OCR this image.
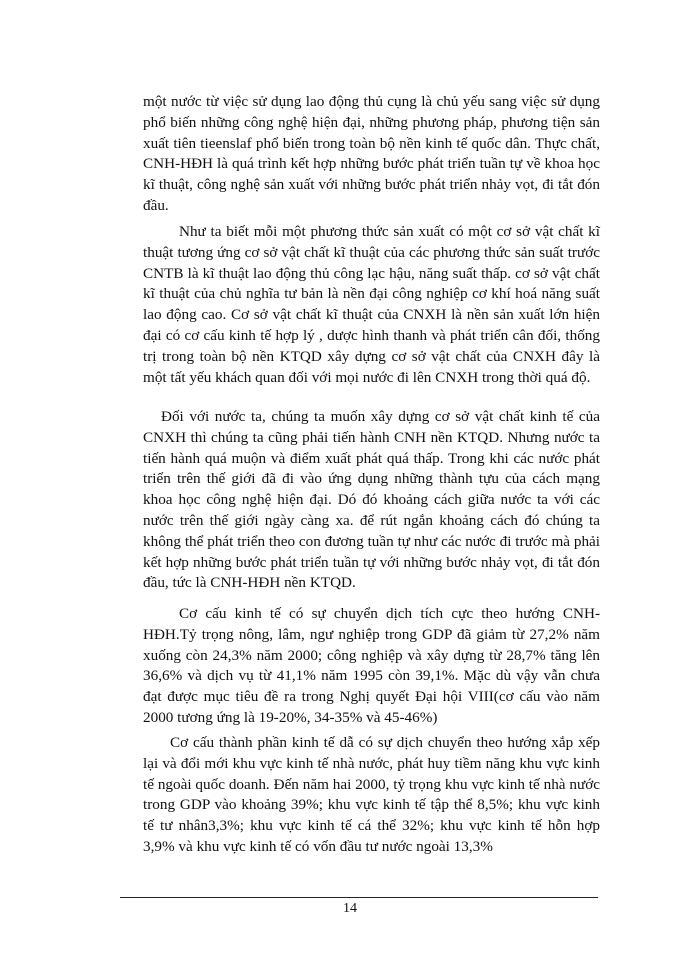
một nước từ việc sử dụng lao động thủ cụng là chủ yếu sang việc sử dụng phổ biến những công nghệ hiện đại, những phương pháp, phương tiện sản xuất tiên tieenslaf phổ biến trong toàn bộ nền kinh tế quốc dân. Thực chất, CNH-HĐH là quá trình kết hợp những bước phát triển tuần tự về khoa học kĩ thuật, công nghệ sản xuất với những bước phát triển nhảy vọt, đi tắt đón đầu.

Như ta biết mỗi một phương thức sản xuất có một cơ sở vật chất kĩ thuật tương ứng cơ sở vật chất kĩ thuật của các phương thức sản suất trước CNTB là kĩ thuật lao động thủ công lạc hậu, năng suất thấp. cơ sở vật chất kĩ thuật của chủ nghĩa tư bản là nền đại công nghiệp cơ khí hoá năng suất lao động cao. Cơ sở vật chất kĩ thuật của CNXH là nền sản xuất lớn hiện đại có cơ cấu kinh tế hợp lý , dược hình thanh và phát triển cân đối, thống trị trong toàn bộ nền KTQD xây dựng cơ sở vật chất của CNXH đây là một tất yếu khách quan đối với mọi nước đi lên CNXH trong thời quá độ.

Đối với nước ta, chúng ta muốn xây dựng cơ sở vật chất kinh tế của CNXH thì chúng ta cũng phải tiến hành CNH nền KTQD. Nhưng nước ta tiến hành quá muộn và điểm xuất phát quá thấp. Trong khi các nước phát triển trên thế giới đã đi vào ứng dụng những thành tựu của cách mạng khoa học công nghệ hiện đại. Dó đó khoảng cách giữa nước ta với các nước trên thế giới ngày càng xa. để rút ngắn khoảng cách đó chúng ta không thể phát triển theo con đương tuần tự như các nước đi trước mà phải kết hợp những bước phát triển tuần tự với những bước nhảy vọt, đi tắt đón đầu, tức là CNH-HĐH nền KTQD.

Cơ cấu kinh tế có sự chuyển dịch tích cực theo hướng CNH-HĐH.Tỷ trọng nông, lâm, ngư nghiệp trong GDP đã giảm từ 27,2% năm xuống còn 24,3% năm 2000; công nghiệp và xây dựng từ 28,7% tăng lên 36,6% và dịch vụ từ 41,1% năm 1995 còn 39,1%. Mặc dù vậy vẫn chưa đạt được mục tiêu đề ra trong Nghị quyết Đại hội VIII(cơ cấu vào năm 2000 tương ứng là 19-20%, 34-35% và 45-46%)

Cơ cấu thành phần kinh tế dẫ có sự dịch chuyển theo hướng xắp xếp lại và đổi mới khu vực kinh tế nhà nước, phát huy tiềm năng khu vực kinh tế ngoài quốc doanh. Đến năm hai 2000, tỷ trọng khu vực kinh tế nhà nước trong GDP vào khoảng 39%; khu vực kinh tế tập thể 8,5%; khu vực kinh tế tư nhân3,3%; khu vực kinh tế cá thể 32%; khu vực kinh tế hỗn hợp 3,9% và khu vực kinh tế có vốn đầu tư nước ngoài 13,3%

14
